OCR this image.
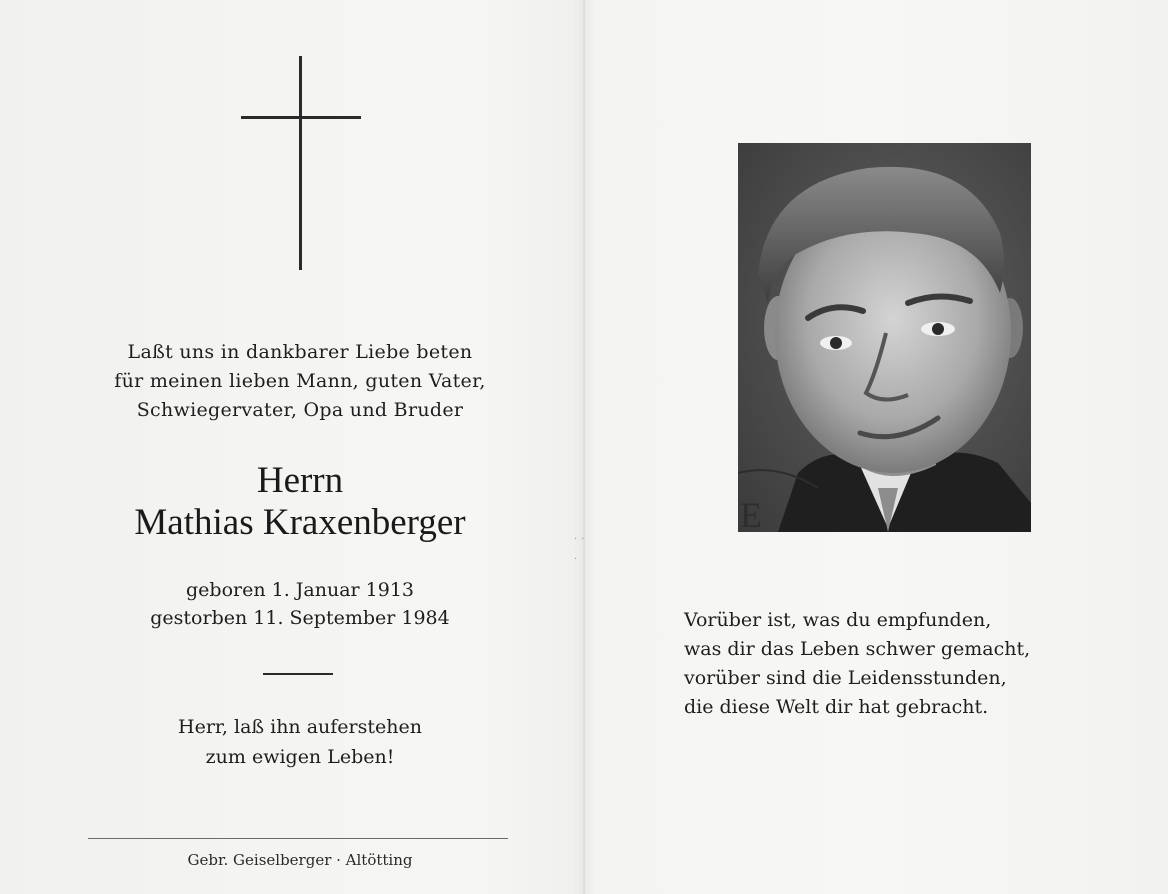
··

·
Laßt uns in dankbarer Liebe beten
für meinen lieben Mann, guten Vater,
Schwiegervater, Opa und Bruder
Herrn
Mathias Kraxenberger
geboren 1. Januar 1913
gestorben 11. September 1984
Herr, laß ihn auferstehen
zum ewigen Leben!
Gebr. Geiselberger · Altötting
E
Vorüber ist, was du empfunden,
was dir das Leben schwer gemacht,
vorüber sind die Leidensstunden,
die diese Welt dir hat gebracht.
